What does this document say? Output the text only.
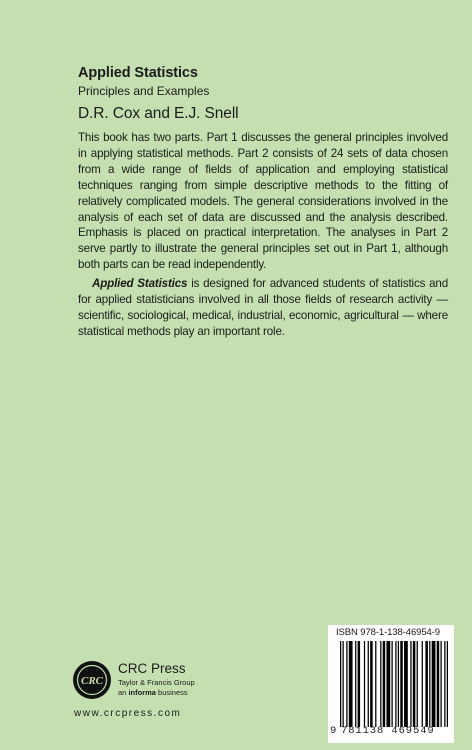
Applied Statistics
Principles and Examples
D.R. Cox and E.J. Snell

This book has two parts. Part 1 discusses the general principles involved in applying statistical methods. Part 2 consists of 24 sets of data chosen from a wide range of fields of application and employing statistical techniques ranging from simple descriptive methods to the fitting of relatively complicated models. The general considerations involved in the analysis of each set of data are discussed and the analysis described. Emphasis is placed on practical interpretation. The analyses in Part 2 serve partly to illustrate the general principles set out in Part 1, although both parts can be read independently.

Applied Statistics is designed for advanced students of statistics and for applied statisticians involved in all those fields of research activity — scientific, sociological, medical, industrial, economic, agricultural — where statistical methods play an important role.

CRC
CRC Press
Taylor & Francis Group
an informa business
www.crcpress.com
ISBN 978-1-138-46954-9
9 781138 469549
